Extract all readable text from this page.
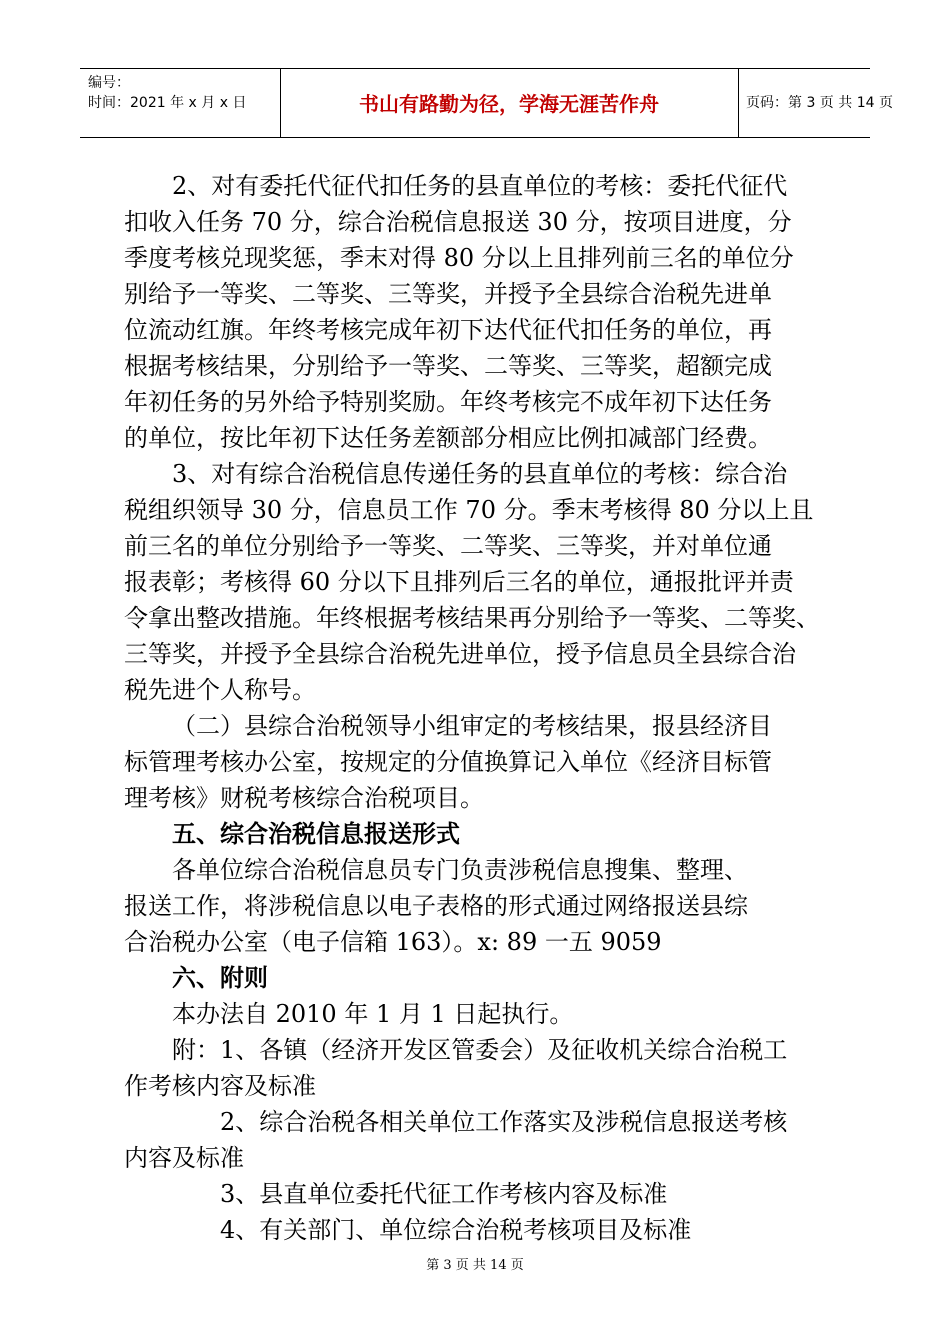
编号：
时间：2021 年 x 月 x 日	书山有路勤为径，学海无涯苦作舟	页码：第 3 页 共 14 页
2、对有委托代征代扣任务的县直单位的考核：委托代征代
扣收入任务 70 分，综合治税信息报送 30 分，按项目进度，分
季度考核兑现奖惩，季末对得 80 分以上且排列前三名的单位分
别给予一等奖、二等奖、三等奖，并授予全县综合治税先进单
位流动红旗。年终考核完成年初下达代征代扣任务的单位，再
根据考核结果，分别给予一等奖、二等奖、三等奖，超额完成
年初任务的另外给予特别奖励。年终考核完不成年初下达任务
的单位，按比年初下达任务差额部分相应比例扣减部门经费。
3、对有综合治税信息传递任务的县直单位的考核：综合治
税组织领导 30 分，信息员工作 70 分。季末考核得 80 分以上且
前三名的单位分别给予一等奖、二等奖、三等奖，并对单位通
报表彰；考核得 60 分以下且排列后三名的单位，通报批评并责
令拿出整改措施。年终根据考核结果再分别给予一等奖、二等奖、
三等奖，并授予全县综合治税先进单位，授予信息员全县综合治
税先进个人称号。
（二）县综合治税领导小组审定的考核结果，报县经济目
标管理考核办公室，按规定的分值换算记入单位《经济目标管
理考核》财税考核综合治税项目。
五、综合治税信息报送形式
各单位综合治税信息员专门负责涉税信息搜集、整理、
报送工作，将涉税信息以电子表格的形式通过网络报送县综
合治税办公室（电子信箱 163）。x: 89 一五 9059
六、附则
本办法自 2010 年 1 月 1 日起执行。
附：1、各镇（经济开发区管委会）及征收机关综合治税工
作考核内容及标准
2、综合治税各相关单位工作落实及涉税信息报送考核
内容及标准
3、县直单位委托代征工作考核内容及标准
4、有关部门、单位综合治税考核项目及标准
第 3 页 共 14 页
